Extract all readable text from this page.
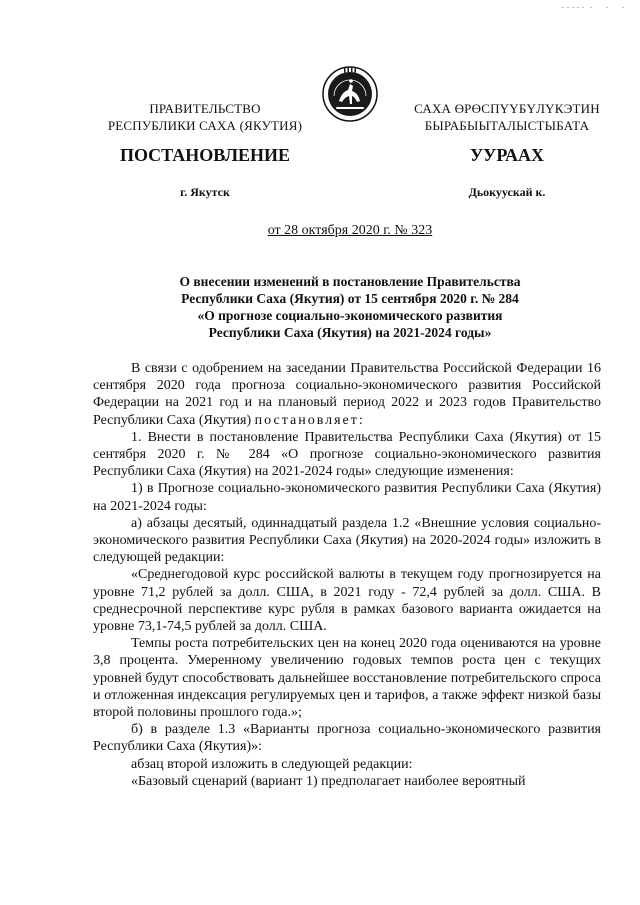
ПРАВИТЕЛЬСТВО
РЕСПУБЛИКИ САХА (ЯКУТИЯ)
САХА ӨРӨСПҮҮБҮЛҮКЭТИН
БЫРАБЫЫТАЛЫСТЫБАТА
ПОСТАНОВЛЕНИЕ	УУРААХ
г. Якутск	Дьокуускай к.
от 28 октября 2020 г. № 323
О внесении изменений в постановление Правительства
Республики Саха (Якутия) от 15 сентября 2020 г. № 284
«О прогнозе социально-экономического развития
Республики Саха (Якутия) на 2021-2024 годы»

В связи с одобрением на заседании Правительства Российской Федерации 16 сентября 2020 года прогноза социально-экономического развития Российской Федерации на 2021 год и на плановый период 2022 и 2023 годов Правительство Республики Саха (Якутия) постановляет:

1. Внести в постановление Правительства Республики Саха (Якутия) от 15 сентября 2020 г. № 284 «О прогнозе социально-экономического развития Республики Саха (Якутия) на 2021-2024 годы» следующие изменения:

1) в Прогнозе социально-экономического развития Республики Саха (Якутия) на 2021-2024 годы:

а) абзацы десятый, одиннадцатый раздела 1.2 «Внешние условия социально-экономического развития Республики Саха (Якутия) на 2020-2024 годы» изложить в следующей редакции:

«Среднегодовой курс российской валюты в текущем году прогнозируется на уровне 71,2 рублей за долл. США, в 2021 году - 72,4 рублей за долл. США. В среднесрочной перспективе курс рубля в рамках базового варианта ожидается на уровне 73,1-74,5 рублей за долл. США.

Темпы роста потребительских цен на конец 2020 года оцениваются на уровне 3,8 процента. Умеренному увеличению годовых темпов роста цен с текущих уровней будут способствовать дальнейшее восстановление потребительского спроса и отложенная индексация регулируемых цен и тарифов, а также эффект низкой базы второй половины прошлого года.»;

б) в разделе 1.3 «Варианты прогноза социально-экономического развития Республики Саха (Якутия)»:

абзац второй изложить в следующей редакции:

«Базовый сценарий (вариант 1) предполагает наиболее вероятный
